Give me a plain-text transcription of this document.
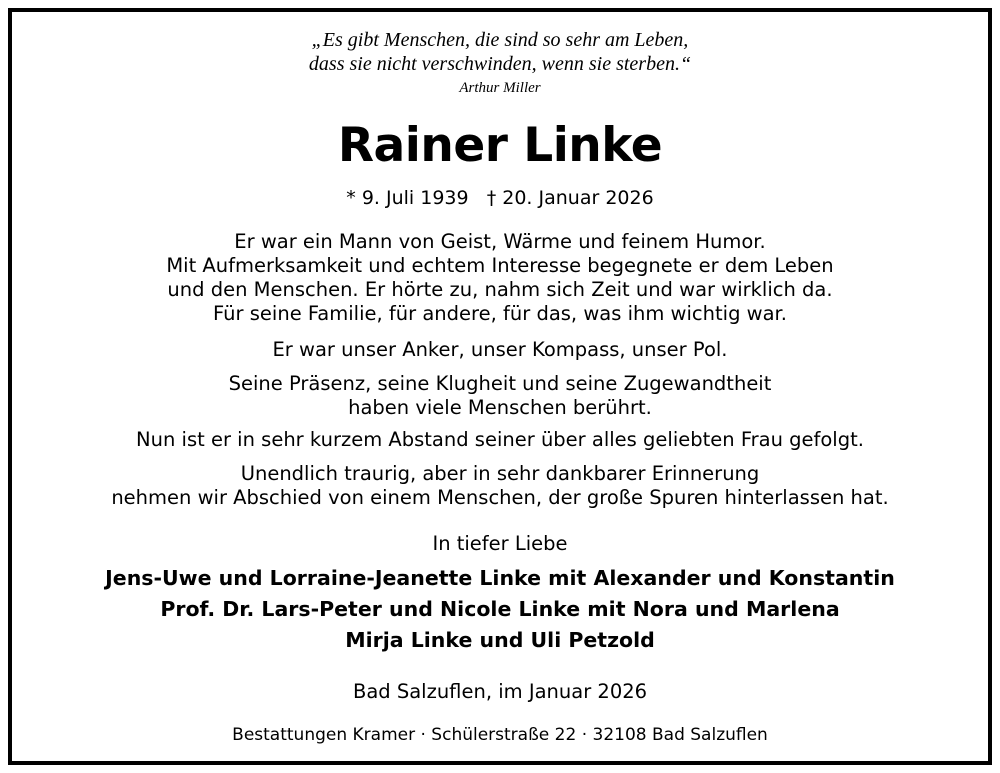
„Es gibt Menschen, die sind so sehr am Leben,
dass sie nicht verschwinden, wenn sie sterben.“
Arthur Miller
Rainer Linke
* 9. Juli 1939   † 20. Januar 2026
Er war ein Mann von Geist, Wärme und feinem Humor.
Mit Aufmerksamkeit und echtem Interesse begegnete er dem Leben
und den Menschen. Er hörte zu, nahm sich Zeit und war wirklich da.
Für seine Familie, für andere, für das, was ihm wichtig war.
Er war unser Anker, unser Kompass, unser Pol.
Seine Präsenz, seine Klugheit und seine Zugewandtheit
haben viele Menschen berührt.
Nun ist er in sehr kurzem Abstand seiner über alles geliebten Frau gefolgt.
Unendlich traurig, aber in sehr dankbarer Erinnerung
nehmen wir Abschied von einem Menschen, der große Spuren hinterlassen hat.
In tiefer Liebe
Jens-Uwe und Lorraine-Jeanette Linke mit Alexander und Konstantin
Prof. Dr. Lars-Peter und Nicole Linke mit Nora und Marlena
Mirja Linke und Uli Petzold
Bad Salzuflen, im Januar 2026
Bestattungen Kramer · Schülerstraße 22 · 32108 Bad Salzuflen
